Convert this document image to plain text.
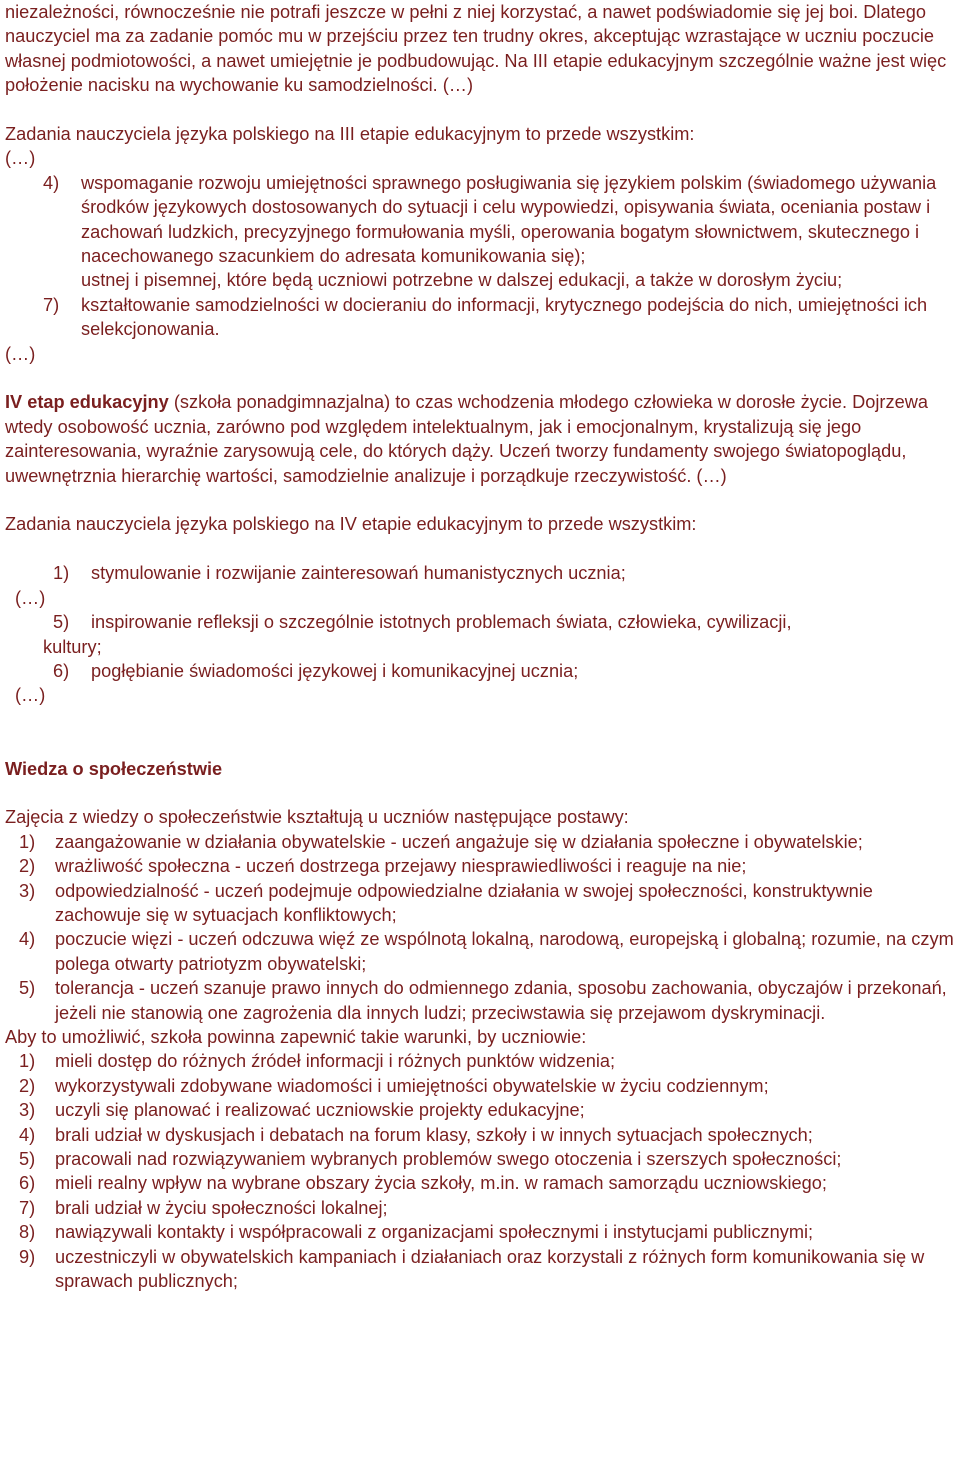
niezależności, równocześnie nie potrafi jeszcze w pełni z niej korzystać, a nawet podświadomie się jej boi. Dlatego nauczyciel ma za zadanie pomóc mu w przejściu przez ten trudny okres, akceptując wzrastające w uczniu poczucie własnej podmiotowości, a nawet umiejętnie je podbudowując. Na III etapie edukacyjnym szczególnie ważne jest więc położenie nacisku na wychowanie ku samodzielności. (…)

Zadania nauczyciela języka polskiego na III etapie edukacyjnym to przede wszystkim:

(…)

4) wspomaganie rozwoju umiejętności sprawnego posługiwania się językiem polskim (świadomego używania środków językowych dostosowanych do sytuacji i celu wypowiedzi, opisywania świata, oceniania postaw i zachowań ludzkich, precyzyjnego formułowania myśli, operowania bogatym słownictwem, skutecznego i nacechowanego szacunkiem do adresata komunikowania się);
ustnej i pisemnej, które będą uczniowi potrzebne w dalszej edukacji, a także w dorosłym życiu;
7) kształtowanie samodzielności w docieraniu do informacji, krytycznego podejścia do nich, umiejętności ich selekcjonowania.

(…)

IV etap edukacyjny (szkoła ponadgimnazjalna) to czas wchodzenia młodego człowieka w dorosłe życie. Dojrzewa wtedy osobowość ucznia, zarówno pod względem intelektualnym, jak i emocjonalnym, krystalizują się jego zainteresowania, wyraźnie zarysowują cele, do których dąży. Uczeń tworzy fundamenty swojego światopoglądu, uwewnętrznia hierarchię wartości, samodzielnie analizuje i porządkuje rzeczywistość. (…)

Zadania nauczyciela języka polskiego na IV etapie edukacyjnym to przede wszystkim:

1) stymulowanie i rozwijanie zainteresowań humanistycznych ucznia;

(…)

5) inspirowanie refleksji o szczególnie istotnych problemach świata, człowieka, cywilizacji,

kultury;

6) pogłębianie świadomości językowej i komunikacyjnej ucznia;

(…)

Wiedza o społeczeństwie

Zajęcia z wiedzy o społeczeństwie kształtują u uczniów następujące postawy:

1) zaangażowanie w działania obywatelskie - uczeń angażuje się w działania społeczne i obywatelskie;
2) wrażliwość społeczna - uczeń dostrzega przejawy niesprawiedliwości i reaguje na nie;
3) odpowiedzialność - uczeń podejmuje odpowiedzialne działania w swojej społeczności, konstruktywnie zachowuje się w sytuacjach konfliktowych;
4) poczucie więzi - uczeń odczuwa więź ze wspólnotą lokalną, narodową, europejską i globalną; rozumie, na czym polega otwarty patriotyzm obywatelski;
5) tolerancja - uczeń szanuje prawo innych do odmiennego zdania, sposobu zachowania, obyczajów i przekonań, jeżeli nie stanowią one zagrożenia dla innych ludzi; przeciwstawia się przejawom dyskryminacji.

Aby to umożliwić, szkoła powinna zapewnić takie warunki, by uczniowie:

1) mieli dostęp do różnych źródeł informacji i różnych punktów widzenia;
2) wykorzystywali zdobywane wiadomości i umiejętności obywatelskie w życiu codziennym;
3) uczyli się planować i realizować uczniowskie projekty edukacyjne;
4) brali udział w dyskusjach i debatach na forum klasy, szkoły i w innych sytuacjach społecznych;
5) pracowali nad rozwiązywaniem wybranych problemów swego otoczenia i szerszych społeczności;
6) mieli realny wpływ na wybrane obszary życia szkoły, m.in. w ramach samorządu uczniowskiego;
7) brali udział w życiu społeczności lokalnej;
8) nawiązywali kontakty i współpracowali z organizacjami społecznymi i instytucjami publicznymi;
9) uczestniczyli w obywatelskich kampaniach i działaniach oraz korzystali z różnych form komunikowania się w sprawach publicznych;
